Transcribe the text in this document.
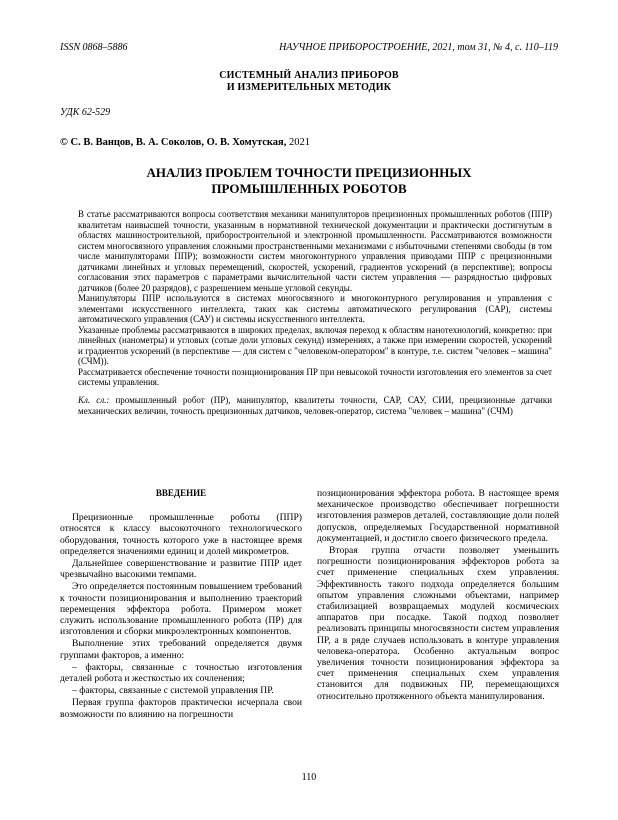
ISSN 0868–5886	НАУЧНОЕ ПРИБОРОСТРОЕНИЕ, 2021, том 31, № 4, c. 110–119
СИСТЕМНЫЙ АНАЛИЗ ПРИБОРОВ
И ИЗМЕРИТЕЛЬНЫХ МЕТОДИК
УДК 62-529
© С. В. Ванцов, В. А. Соколов, О. В. Хомутская, 2021
АНАЛИЗ ПРОБЛЕМ ТОЧНОСТИ ПРЕЦИЗИОННЫХ
ПРОМЫШЛЕННЫХ РОБОТОВ

В статье рассматриваются вопросы соответствия механики манипуляторов прецизионных промышленных роботов (ППР) квалитетам наивысшей точности, указанным в нормативной технической документации и практически достигнутым в областях машиностроительной, приборостроительной и электронной промышленности. Рассматриваются возможности систем многосвязного управления сложными пространственными механизмами с избыточными степенями свободы (в том числе манипуляторами ППР); возможности систем многоконтурного управления приводами ППР с прецизионными датчиками линейных и угловых перемещений, скоростей, ускорений, градиентов ускорений (в перспективе); вопросы согласования этих параметров с параметрами вычислительной части систем управления — разрядностью цифровых датчиков (более 20 разрядов), с разрешением меньше угловой секунды.

Манипуляторы ППР используются в системах многосвязного и многоконтурного регулирования и управления с элементами искусственного интеллекта, таких как системы автоматического регулирования (САР), системы автоматического управления (САУ) и системы искусственного интеллекта.

Указанные проблемы рассматриваются в широких пределах, включая переход к областям нанотехнологий, конкретно: при линейных (нанометры) и угловых (сотые доли угловых секунд) измерениях, а также при измерении скоростей, ускорений и градиентов ускорений (в перспективе — для систем с "человеком-оператором" в контуре, т.е. систем "человек – машина" (СЧМ)).

Рассматривается обеспечение точности позиционирования ПР при невысокой точности изготовления его элементов за счет системы управления.

Кл. сл.: промышленный робот (ПР), манипулятор, квалитеты точности, САР, САУ, СИИ, прецизионные датчики механических величин, точность прецизионных датчиков, человек-оператор, система "человек – машина" (СЧМ)

ВВЕДЕНИЕ

Прецизионные промышленные роботы (ППР) относятся к классу высокоточного технологического оборудования, точность которого уже в настоящее время определяется значениями единиц и долей микрометров.

Дальнейшее совершенствование и развитие ППР идет чрезвычайно высокими темпами.

Это определяется постоянным повышением требований к точности позиционирования и выполнению траекторий перемещения эффектора робота. Примером может служить использование промышленного робота (ПР) для изготовления и сборки микроэлектронных компонентов.

Выполнение этих требований определяется двумя группами факторов, а именно:

– факторы, связанные с точностью изготовления деталей робота и жесткостью их сочленения;

– факторы, связанные с системой управления ПР.

Первая группа факторов практически исчерпала свои возможности по влиянию на погрешности

позиционирования эффектора робота. В настоящее время механическое производство обеспечивает погрешности изготовления размеров деталей, составляющие доли полей допусков, определяемых Государственной нормативной документацией, и достигло своего физического предела.

Вторая группа отчасти позволяет уменьшить погрешности позиционирования эффекторов робота за счет применение специальных схем управления. Эффективность такого подхода определяется большим опытом управления сложными объектами, например стабилизацией возвращаемых модулей космических аппаратов при посадке. Такой подход позволяет реализовать принципы многосвязности систем управления ПР, а в ряде случаев использовать в контуре управления человека-оператора. Особенно актуальным вопрос увеличения точности позиционирования эффектора за счет применения специальных схем управления становится для подвижных ПР, перемещающихся относительно протяженного объекта манипулирования.

110
